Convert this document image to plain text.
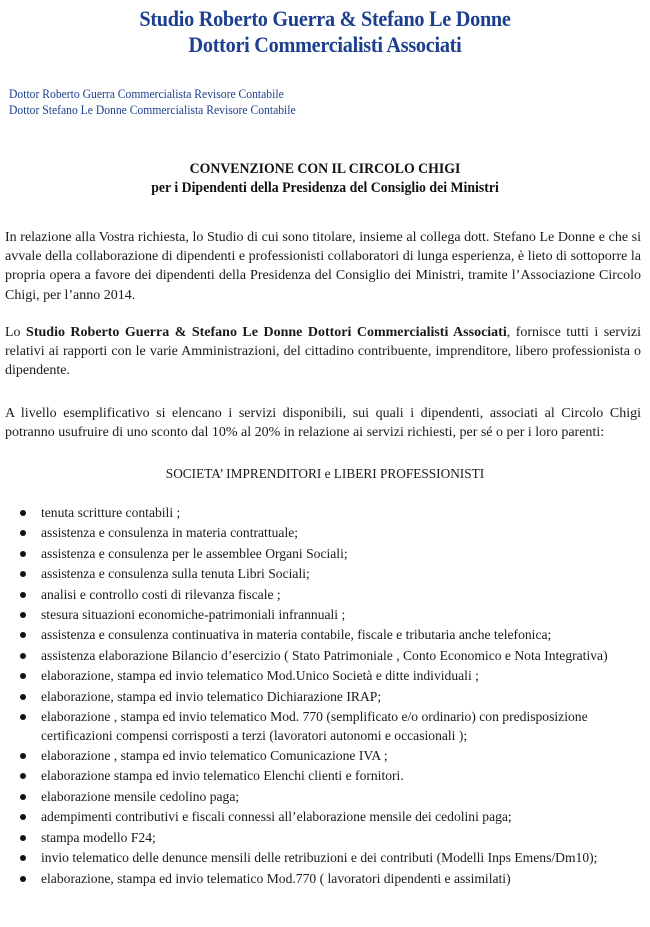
Studio Roberto Guerra & Stefano Le Donne
Dottori Commercialisti Associati
Dottor Roberto Guerra Commercialista Revisore Contabile
Dottor Stefano Le Donne Commercialista Revisore Contabile
CONVENZIONE CON IL CIRCOLO CHIGI
per i Dipendenti della Presidenza del Consiglio dei Ministri
In relazione alla Vostra richiesta, lo Studio di cui sono titolare, insieme al collega dott. Stefano Le Donne e che si avvale della collaborazione di dipendenti e professionisti collaboratori di lunga esperienza, è lieto di sottoporre la propria opera a favore dei dipendenti della Presidenza del Consiglio dei Ministri, tramite l’Associazione Circolo Chigi, per l’anno 2014.
Lo Studio Roberto Guerra & Stefano Le Donne Dottori Commercialisti Associati, fornisce tutti i servizi relativi ai rapporti con le varie Amministrazioni, del cittadino contribuente, imprenditore, libero professionista o dipendente.
A livello esemplificativo si elencano i servizi disponibili, sui quali i dipendenti, associati al Circolo Chigi potranno usufruire di uno sconto dal 10% al 20% in relazione ai servizi richiesti, per sé o per i loro parenti:
SOCIETA’ IMPRENDITORI e LIBERI PROFESSIONISTI
tenuta scritture contabili ;
assistenza e consulenza in materia contrattuale;
assistenza e consulenza per le assemblee Organi Sociali;
assistenza e consulenza sulla tenuta Libri Sociali;
analisi e controllo costi di rilevanza fiscale ;
stesura situazioni economiche-patrimoniali infrannuali ;
assistenza e consulenza continuativa in materia contabile, fiscale e tributaria anche telefonica;
assistenza elaborazione Bilancio d’esercizio ( Stato Patrimoniale , Conto Economico e Nota Integrativa)
elaborazione, stampa ed invio telematico Mod.Unico Società e ditte individuali ;
elaborazione, stampa ed invio telematico Dichiarazione IRAP;
elaborazione , stampa ed invio telematico Mod. 770 (semplificato e/o ordinario) con predisposizione certificazioni compensi corrisposti a terzi (lavoratori autonomi e occasionali );
elaborazione , stampa ed invio telematico Comunicazione IVA ;
elaborazione stampa ed invio telematico Elenchi clienti e fornitori.
elaborazione mensile cedolino paga;
adempimenti contributivi e fiscali connessi all’elaborazione mensile dei cedolini paga;
stampa modello F24;
invio telematico delle denunce mensili delle retribuzioni e dei contributi (Modelli Inps Emens/Dm10);
elaborazione, stampa ed invio telematico Mod.770 ( lavoratori dipendenti e assimilati)
